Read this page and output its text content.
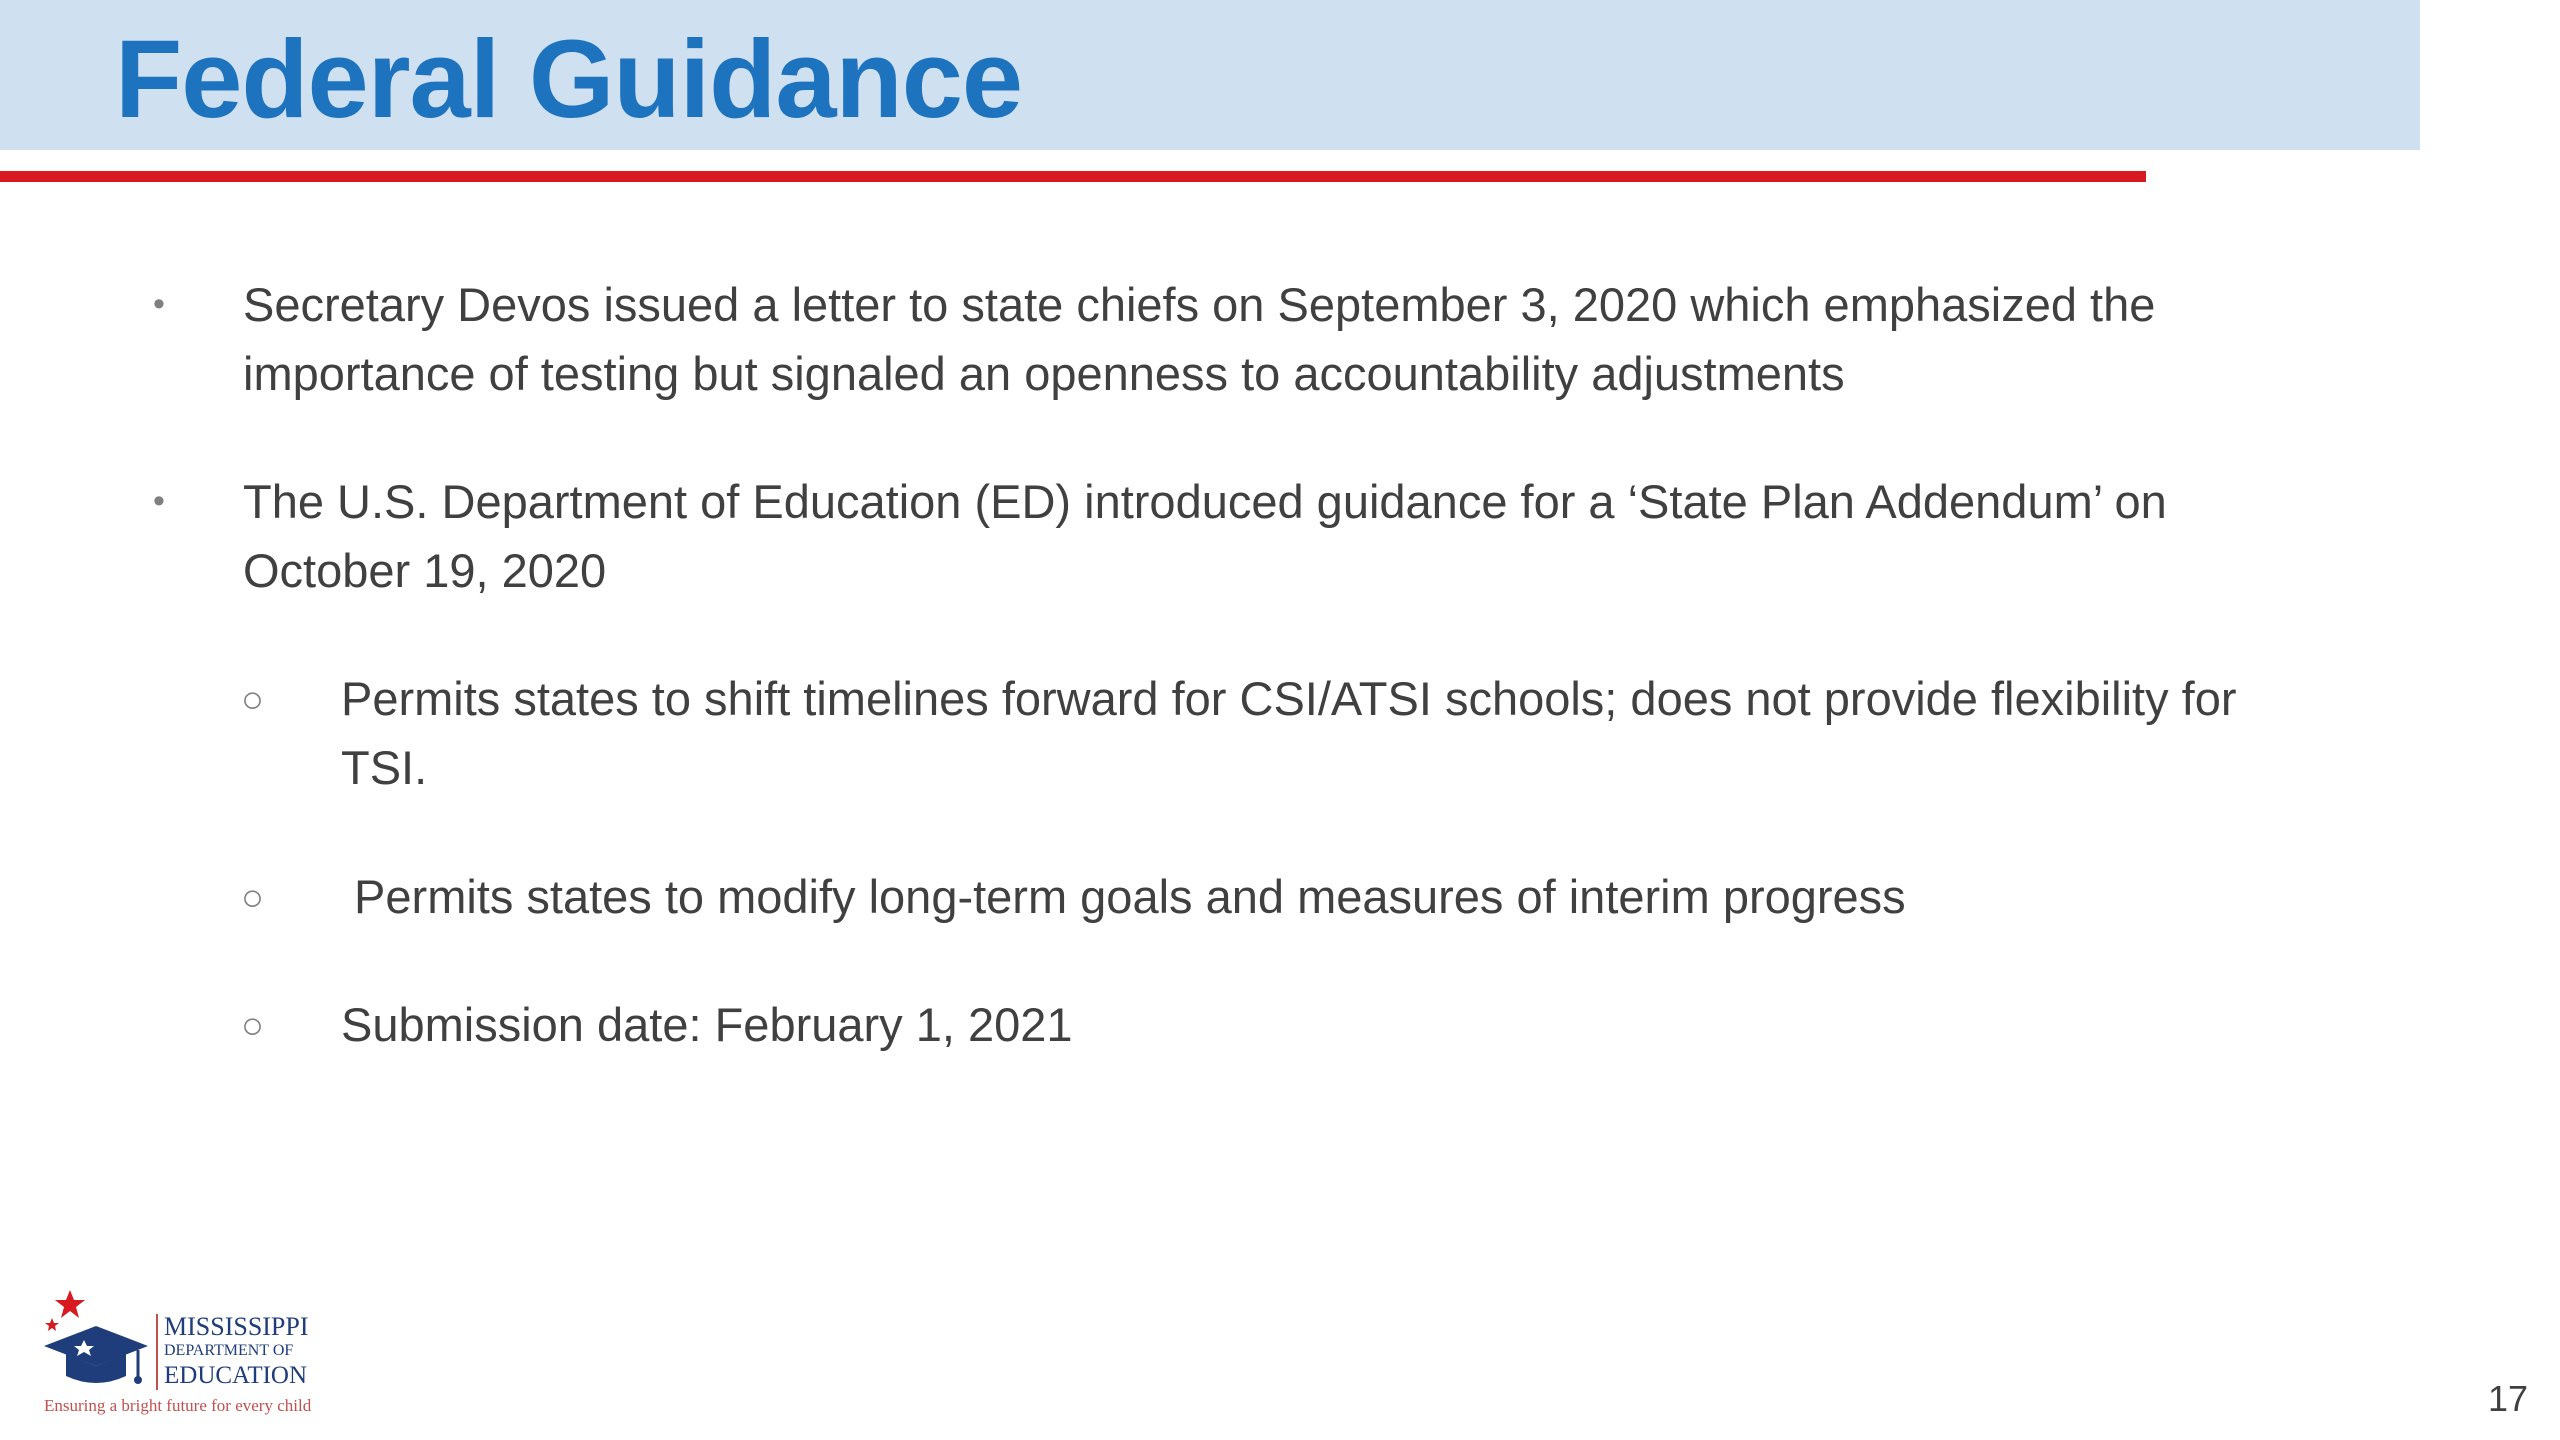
Federal Guidance
• Secretary Devos issued a letter to state chiefs on September 3, 2020 which emphasized the
importance of testing but signaled an openness to accountability adjustments
• The U.S. Department of Education (ED) introduced guidance for a ‘State Plan Addendum’ on
October 19, 2020
○ Permits states to shift timelines forward for CSI/ATSI schools; does not provide flexibility for
TSI.
○ Permits states to modify long-term goals and measures of interim progress
○ Submission date: February 1, 2021
MISSISSIPPI
DEPARTMENT OF
EDUCATION
Ensuring a bright future for every child	17
